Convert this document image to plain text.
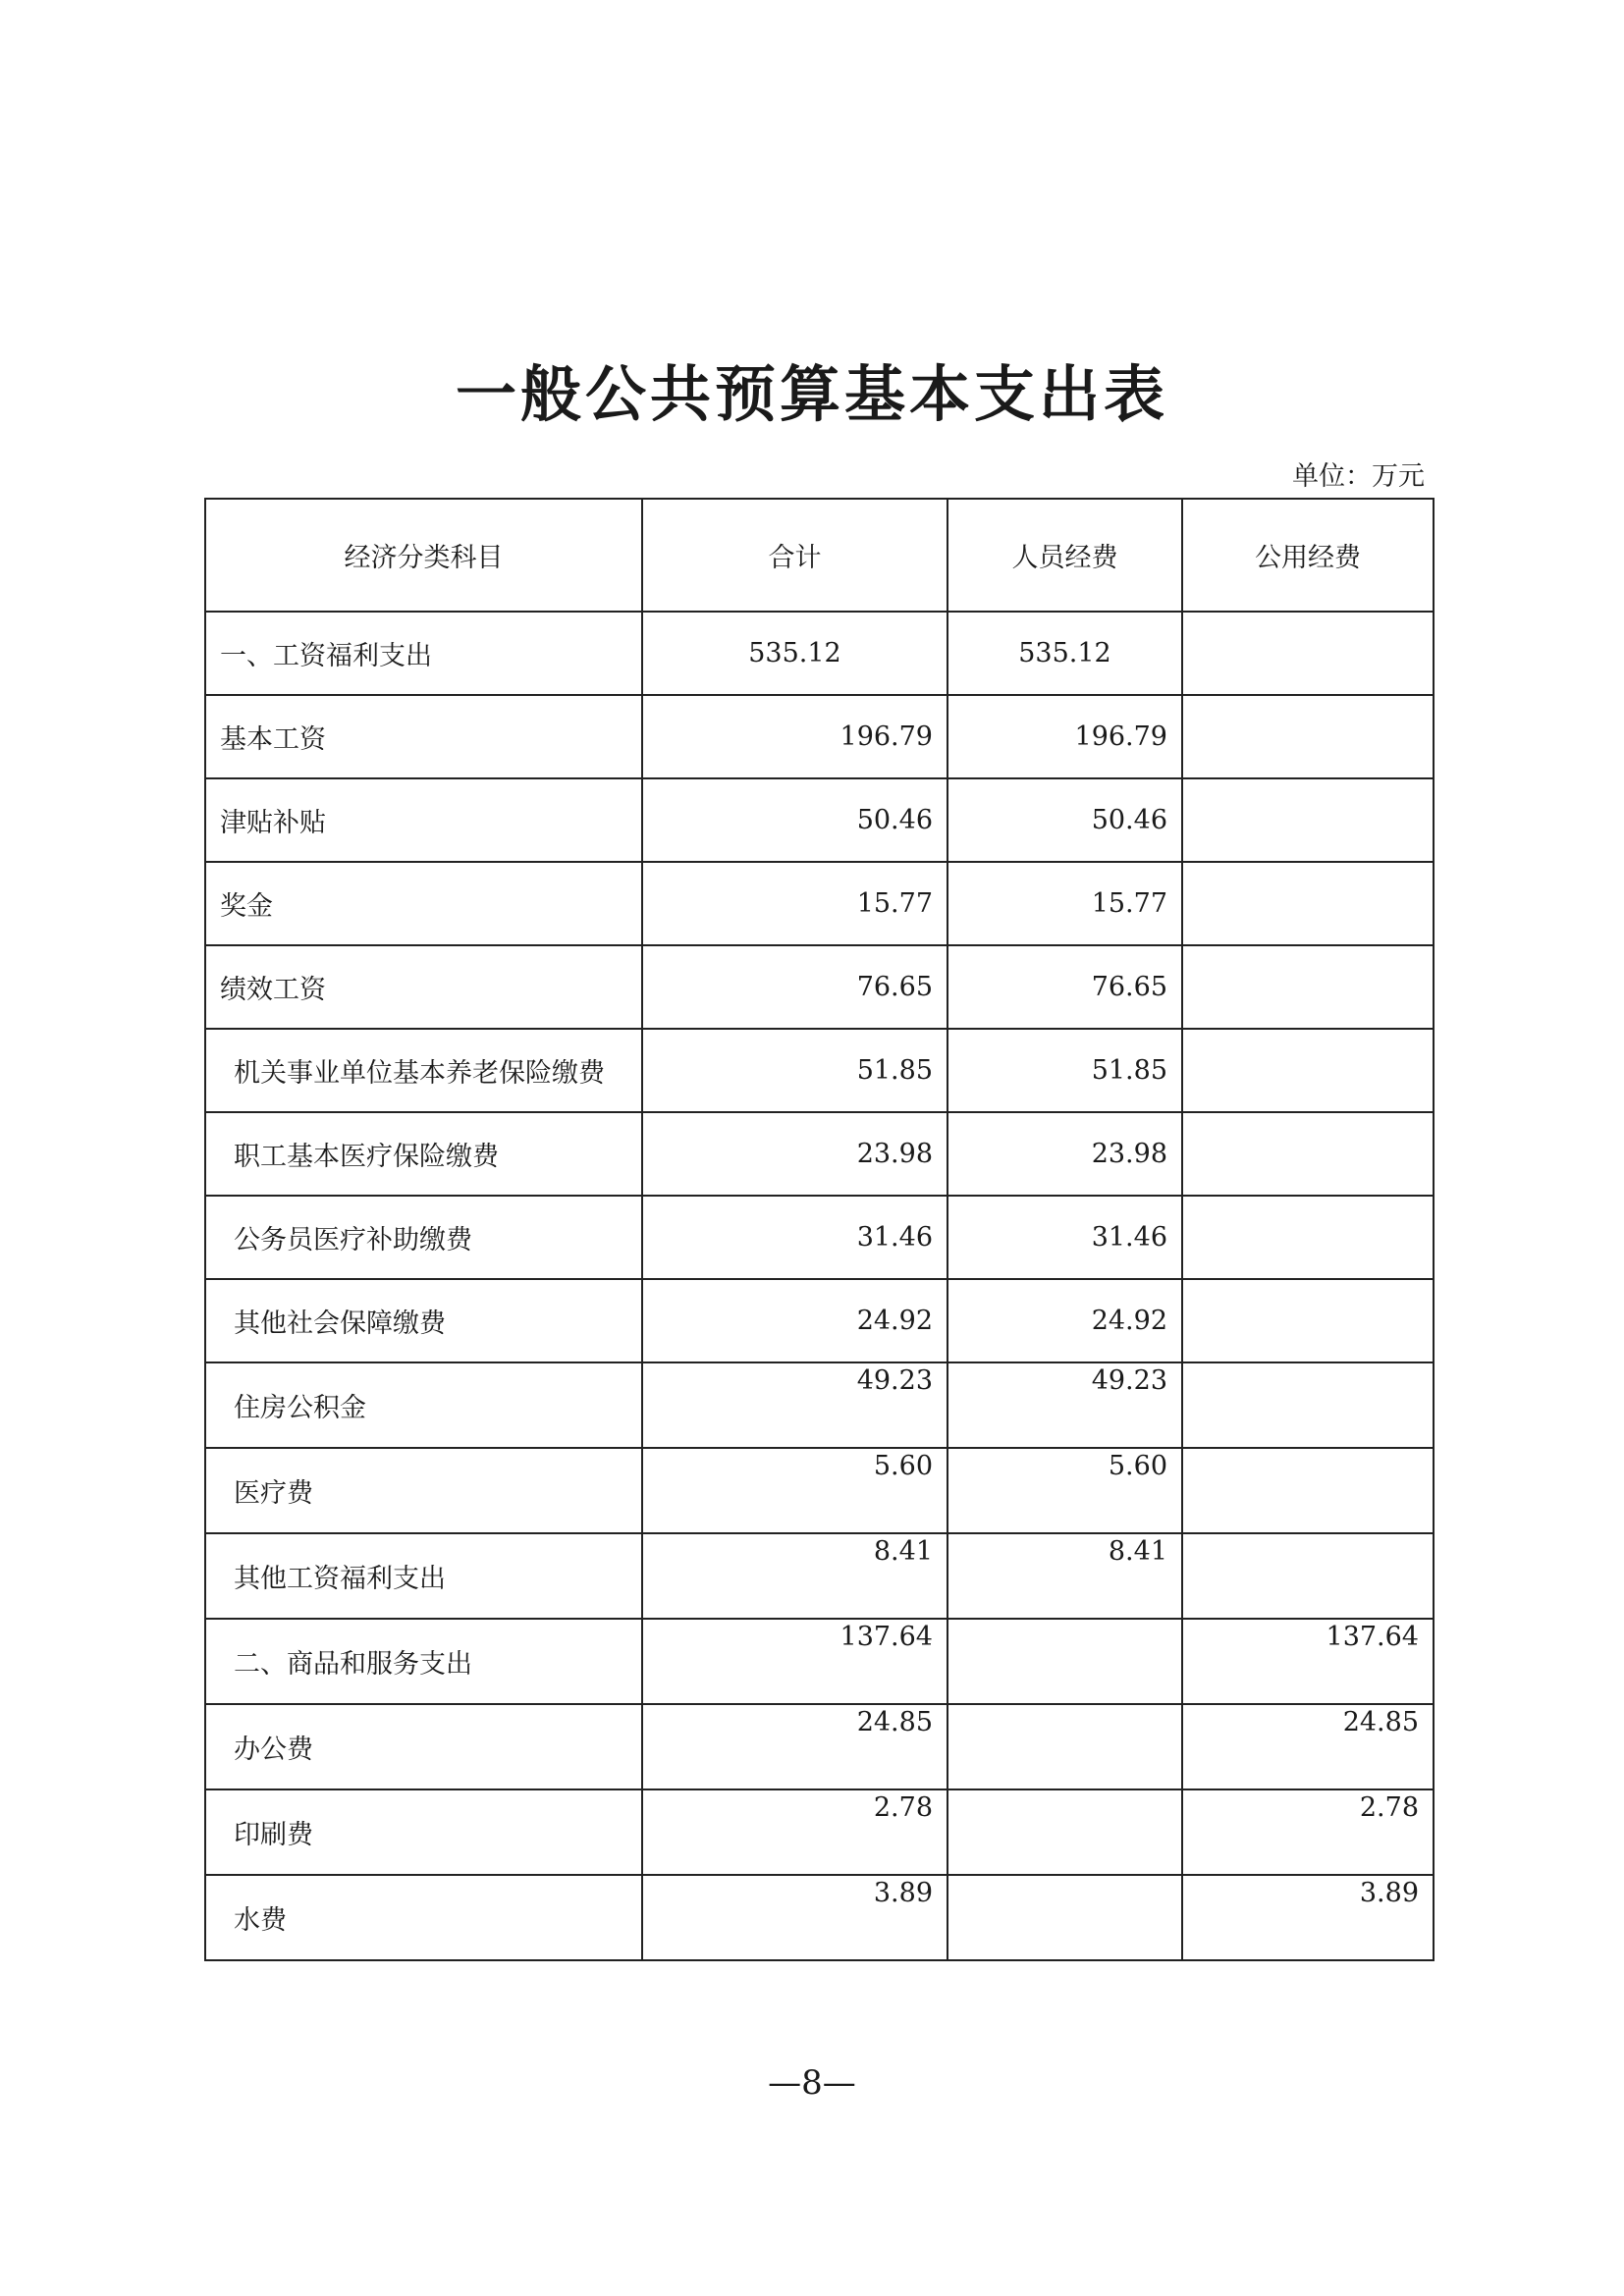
一般公共预算基本支出表
单位：万元
经济分类科目	合计	人员经费	公用经费
一、工资福利支出	535.12	535.12	
基本工资	196.79	196.79	
津贴补贴	50.46	50.46	
奖金	15.77	15.77	
绩效工资	76.65	76.65	
机关事业单位基本养老保险缴费	51.85	51.85	
职工基本医疗保险缴费	23.98	23.98	
公务员医疗补助缴费	31.46	31.46	
其他社会保障缴费	24.92	24.92	
住房公积金	49.23	49.23	
医疗费	5.60	5.60	
其他工资福利支出	8.41	8.41	
二、商品和服务支出	137.64		137.64
办公费	24.85		24.85
印刷费	2.78		2.78
水费	3.89		3.89
—8—
